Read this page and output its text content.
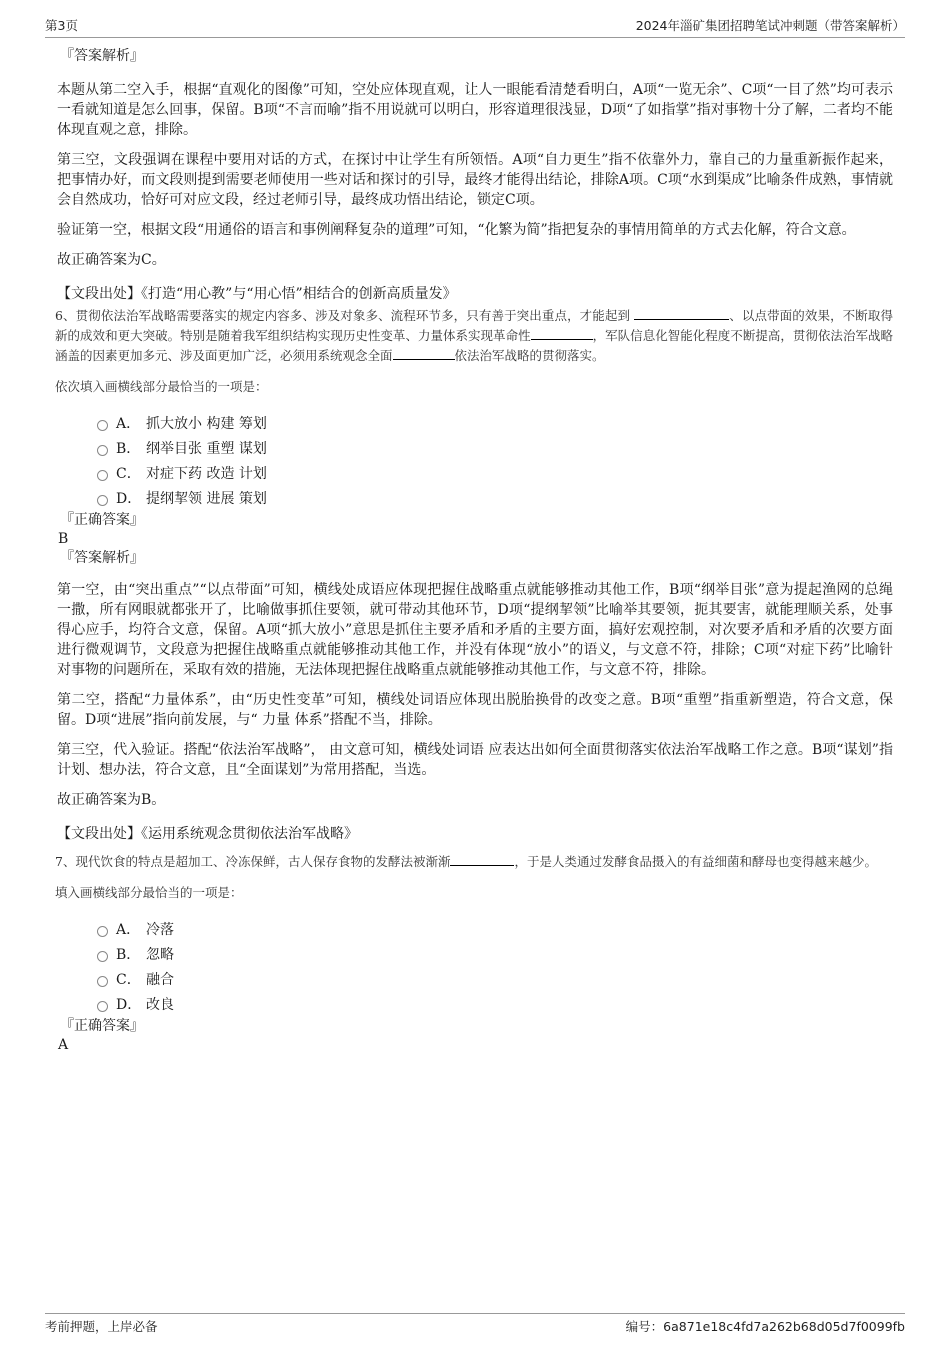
第3页	2024年淄矿集团招聘笔试冲刺题（带答案解析）
『答案解析』

本题从第二空入手，根据“直观化的图像”可知，空处应体现直观，让人一眼能看清楚看明白，A项“一览无余”、C项“一目了然”均可表示一看就知道是怎么回事，保留。B项“不言而喻”指不用说就可以明白，形容道理很浅显，D项“了如指掌”指对事物十分了解，二者均不能体现直观之意，排除。

第三空，文段强调在课程中要用对话的方式，在探讨中让学生有所领悟。A项“自力更生”指不依靠外力，靠自己的力量重新振作起来，把事情办好，而文段则提到需要老师使用一些对话和探讨的引导，最终才能得出结论，排除A项。C项“水到渠成”比喻条件成熟，事情就会自然成功，恰好可对应文段，经过老师引导，最终成功悟出结论，锁定C项。

验证第一空，根据文段“用通俗的语言和事例阐释复杂的道理”可知，“化繁为简”指把复杂的事情用简单的方式去化解，符合文意。

故正确答案为C。

【文段出处】《打造“用心教”与“用心悟”相结合的创新高质量发》
6、贯彻依法治军战略需要落实的规定内容多、涉及对象多、流程环节多，只有善于突出重点，才能起到	、以点带面的效果，不断取得新的成效和更大突破。特别是随着我军组织结构实现历史性变革、力量体系实现革命性	，军队信息化智能化程度不断提高，贯彻依法治军战略涵盖的因素更加多元、涉及面更加广泛，必须用系统观念全面	依法治军战略的贯彻落实。
依次填入画横线部分最恰当的一项是：
A． 抓大放小 构建 筹划
B． 纲举目张 重塑 谋划
C． 对症下药 改造 计划
D． 提纲挈领 进展 策划
『正确答案』
B
『答案解析』

第一空，由“突出重点”“以点带面”可知，横线处成语应体现把握住战略重点就能够推动其他工作，B项“纲举目张”意为提起渔网的总绳一撒，所有网眼就都张开了，比喻做事抓住要领，就可带动其他环节，D项“提纲挈领”比喻举其要领，扼其要害，就能理顺关系，处事得心应手，均符合文意，保留。A项“抓大放小”意思是抓住主要矛盾和矛盾的主要方面，搞好宏观控制，对次要矛盾和矛盾的次要方面进行微观调节，文段意为把握住战略重点就能够推动其他工作，并没有体现“放小”的语义，与文意不符，排除；C项“对症下药”比喻针对事物的问题所在，采取有效的措施，无法体现把握住战略重点就能够推动其他工作，与文意不符，排除。

第二空，搭配“力量体系”，由“历史性变革”可知，横线处词语应体现出脱胎换骨的改变之意。B项“重塑”指重新塑造，符合文意，保留。D项“进展”指向前发展，与“ 力量 体系”搭配不当，排除。

第三空，代入验证。搭配“依法治军战略”， 由文意可知，横线处词语 应表达出如何全面贯彻落实依法治军战略工作之意。B项“谋划”指计划、想办法，符合文意，且“全面谋划”为常用搭配，当选。

故正确答案为B。

【文段出处】《运用系统观念贯彻依法治军战略》
7、现代饮食的特点是超加工、冷冻保鲜，古人保存食物的发酵法被渐渐	，于是人类通过发酵食品摄入的有益细菌和酵母也变得越来越少。
填入画横线部分最恰当的一项是：
A． 冷落
B． 忽略
C． 融合
D． 改良
『正确答案』
A
考前押题，上岸必备	编号：6a871e18c4fd7a262b68d05d7f0099fb
